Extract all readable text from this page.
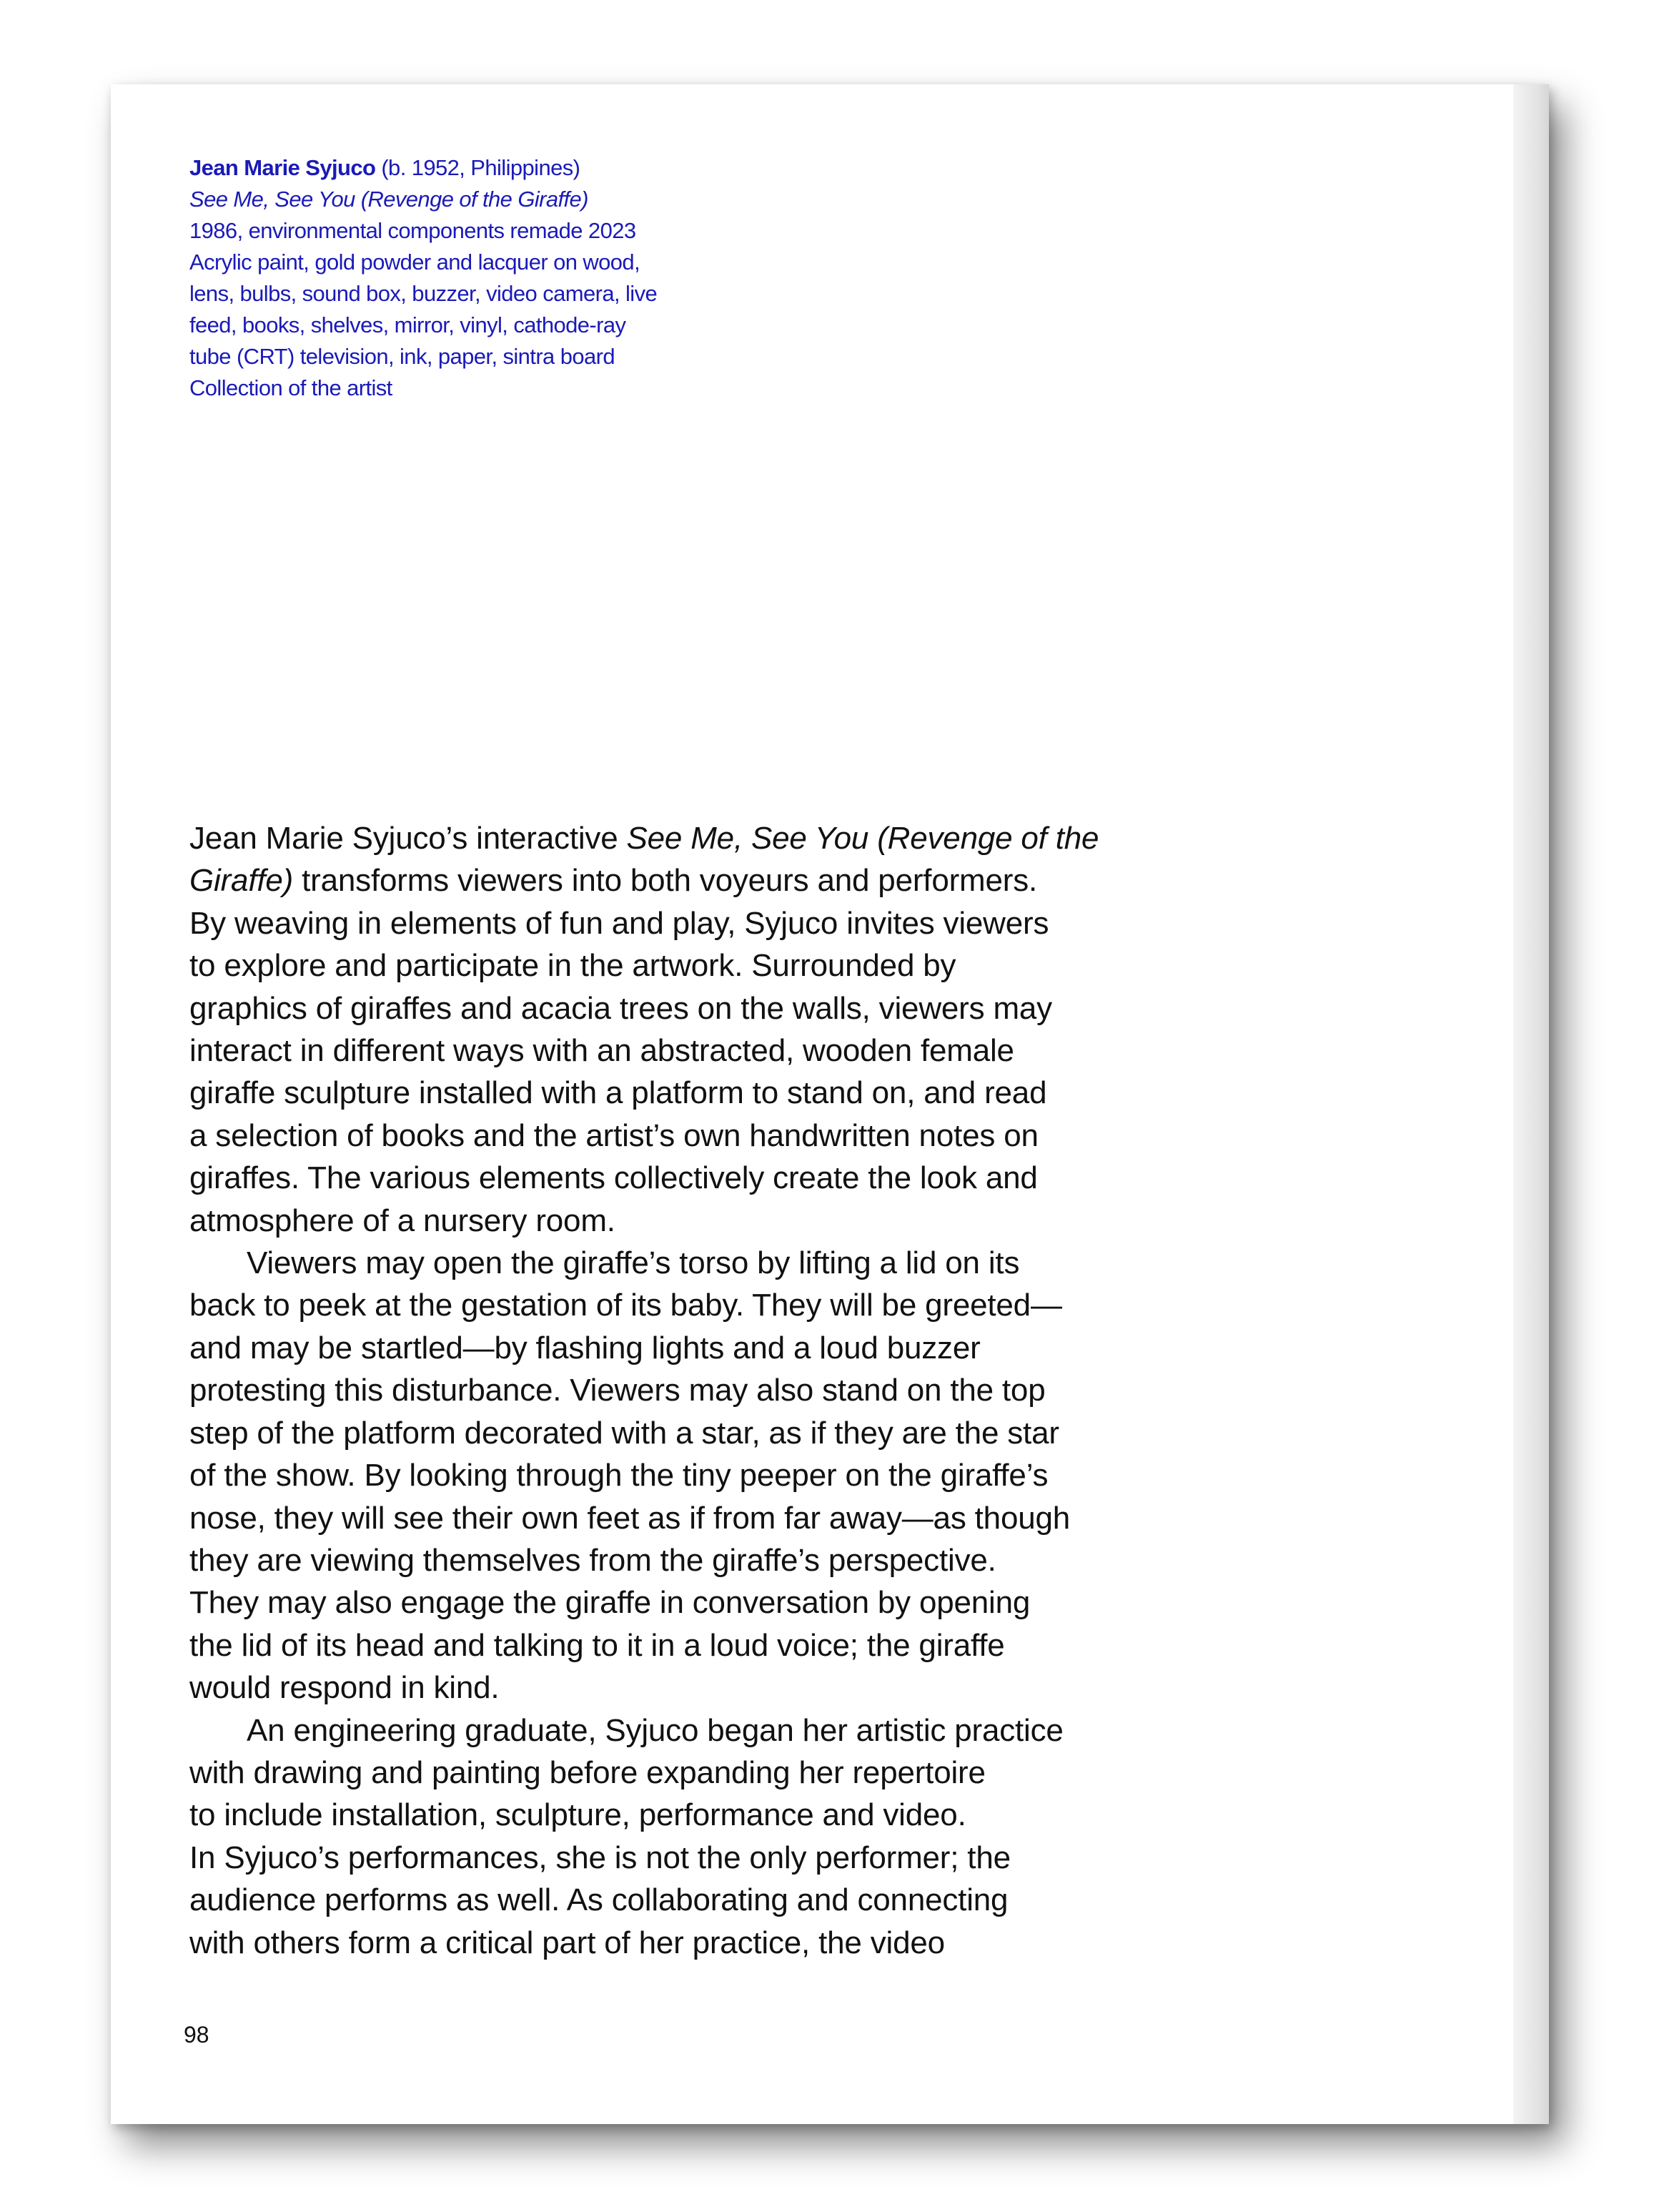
Jean Marie Syjuco (b. 1952, Philippines)
See Me, See You (Revenge of the Giraffe)
1986, environmental components remade 2023
Acrylic paint, gold powder and lacquer on wood,
lens, bulbs, sound box, buzzer, video camera, live
feed, books, shelves, mirror, vinyl, cathode-ray
tube (CRT) television, ink, paper, sintra board
Collection of the artist
Jean Marie Syjuco’s interactive See Me, See You (Revenge of the
Giraffe) transforms viewers into both voyeurs and performers.
By weaving in elements of fun and play, Syjuco invites viewers
to explore and participate in the artwork. Surrounded by
graphics of giraffes and acacia trees on the walls, viewers may
interact in different ways with an abstracted, wooden female
giraffe sculpture installed with a platform to stand on, and read
a selection of books and the artist’s own handwritten notes on
giraffes. The various elements collectively create the look and
atmosphere of a nursery room.
Viewers may open the giraffe’s torso by lifting a lid on its
back to peek at the gestation of its baby. They will be greeted—
and may be startled—by flashing lights and a loud buzzer
protesting this disturbance. Viewers may also stand on the top
step of the platform decorated with a star, as if they are the star
of the show. By looking through the tiny peeper on the giraffe’s
nose, they will see their own feet as if from far away—as though
they are viewing themselves from the giraffe’s perspective.
They may also engage the giraffe in conversation by opening
the lid of its head and talking to it in a loud voice; the giraffe
would respond in kind.
An engineering graduate, Syjuco began her artistic practice
with drawing and painting before expanding her repertoire
to include installation, sculpture, performance and video.
In Syjuco’s performances, she is not the only performer; the
audience performs as well. As collaborating and connecting
with others form a critical part of her practice, the video
98
